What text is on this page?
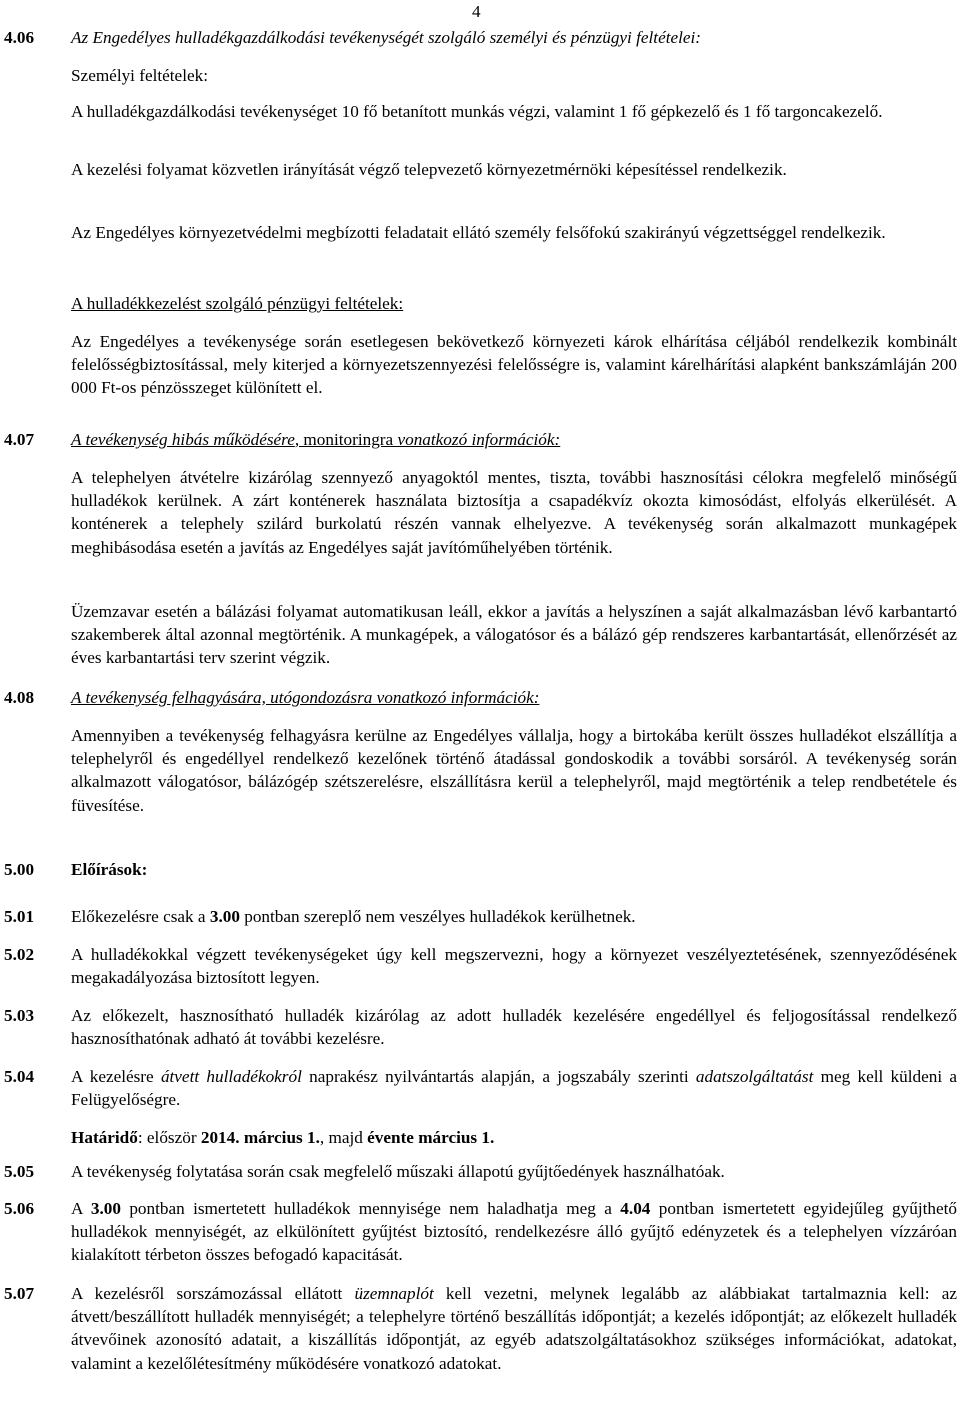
4
4.06 Az Engedélyes hulladékgazdálkodási tevékenységét szolgáló személyi és pénzügyi feltételei:

Személyi feltételek:

A hulladékgazdálkodási tevékenységet 10 fő betanított munkás végzi, valamint 1 fő gépkezelő és 1 fő targoncakezelő.

A kezelési folyamat közvetlen irányítását végző telepvezető környezetmérnöki képesítéssel rendelkezik.

Az Engedélyes környezetvédelmi megbízotti feladatait ellátó személy felsőfokú szakirányú végzettséggel rendelkezik.

A hulladékkezelést szolgáló pénzügyi feltételek:

Az Engedélyes a tevékenysége során esetlegesen bekövetkező környezeti károk elhárítása céljából rendelkezik kombinált felelősségbiztosítással, mely kiterjed a környezetszennyezési felelősségre is, valamint kárelhárítási alapként bankszámláján 200 000 Ft-os pénzösszeget különített el.

4.07 A tevékenység hibás működésére, monitoringra vonatkozó információk:

A telephelyen átvételre kizárólag szennyező anyagoktól mentes, tiszta, további hasznosítási célokra megfelelő minőségű hulladékok kerülnek. A zárt konténerek használata biztosítja a csapadékvíz okozta kimosódást, elfolyás elkerülését. A konténerek a telephely szilárd burkolatú részén vannak elhelyezve. A tevékenység során alkalmazott munkagépek meghibásodása esetén a javítás az Engedélyes saját javítóműhelyében történik.

Üzemzavar esetén a bálázási folyamat automatikusan leáll, ekkor a javítás a helyszínen a saját alkalmazásban lévő karbantartó szakemberek által azonnal megtörténik. A munkagépek, a válogatósor és a bálázó gép rendszeres karbantartását, ellenőrzését az éves karbantartási terv szerint végzik.

4.08 A tevékenység felhagyására, utógondozásra vonatkozó információk:

Amennyiben a tevékenység felhagyásra kerülne az Engedélyes vállalja, hogy a birtokába került összes hulladékot elszállítja a telephelyről és engedéllyel rendelkező kezelőnek történő átadással gondoskodik a további sorsáról. A tevékenység során alkalmazott válogatósor, bálázógép szétszerelésre, elszállításra kerül a telephelyről, majd megtörténik a telep rendbetétele és füvesítése.

5.00 Előírások:

5.01 Előkezelésre csak a 3.00 pontban szereplő nem veszélyes hulladékok kerülhetnek.

5.02 A hulladékokkal végzett tevékenységeket úgy kell megszervezni, hogy a környezet veszélyeztetésének, szennyeződésének megakadályozása biztosított legyen.

5.03 Az előkezelt, hasznosítható hulladék kizárólag az adott hulladék kezelésére engedéllyel és feljogosítással rendelkező hasznosíthatónak adható át további kezelésre.

5.04 A kezelésre átvett hulladékokról naprakész nyilvántartás alapján, a jogszabály szerinti adatszolgáltatást meg kell küldeni a Felügyelőségre.

Határidő: először 2014. március 1., majd évente március 1.

5.05 A tevékenység folytatása során csak megfelelő műszaki állapotú gyűjtőedények használhatóak.

5.06 A 3.00 pontban ismertetett hulladékok mennyisége nem haladhatja meg a 4.04 pontban ismertetett egyidejűleg gyűjthető hulladékok mennyiségét, az elkülönített gyűjtést biztosító, rendelkezésre álló gyűjtő edényzetek és a telephelyen vízzáróan kialakított térbeton összes befogadó kapacitását.

5.07 A kezelésről sorszámozással ellátott üzemnaplót kell vezetni, melynek legalább az alábbiakat tartalmaznia kell: az átvett/beszállított hulladék mennyiségét; a telephelyre történő beszállítás időpontját; a kezelés időpontját; az előkezelt hulladék átvevőinek azonosító adatait, a kiszállítás időpontját, az egyéb adatszolgáltatásokhoz szükséges információkat, adatokat, valamint a kezelőlétesítmény működésére vonatkozó adatokat.
